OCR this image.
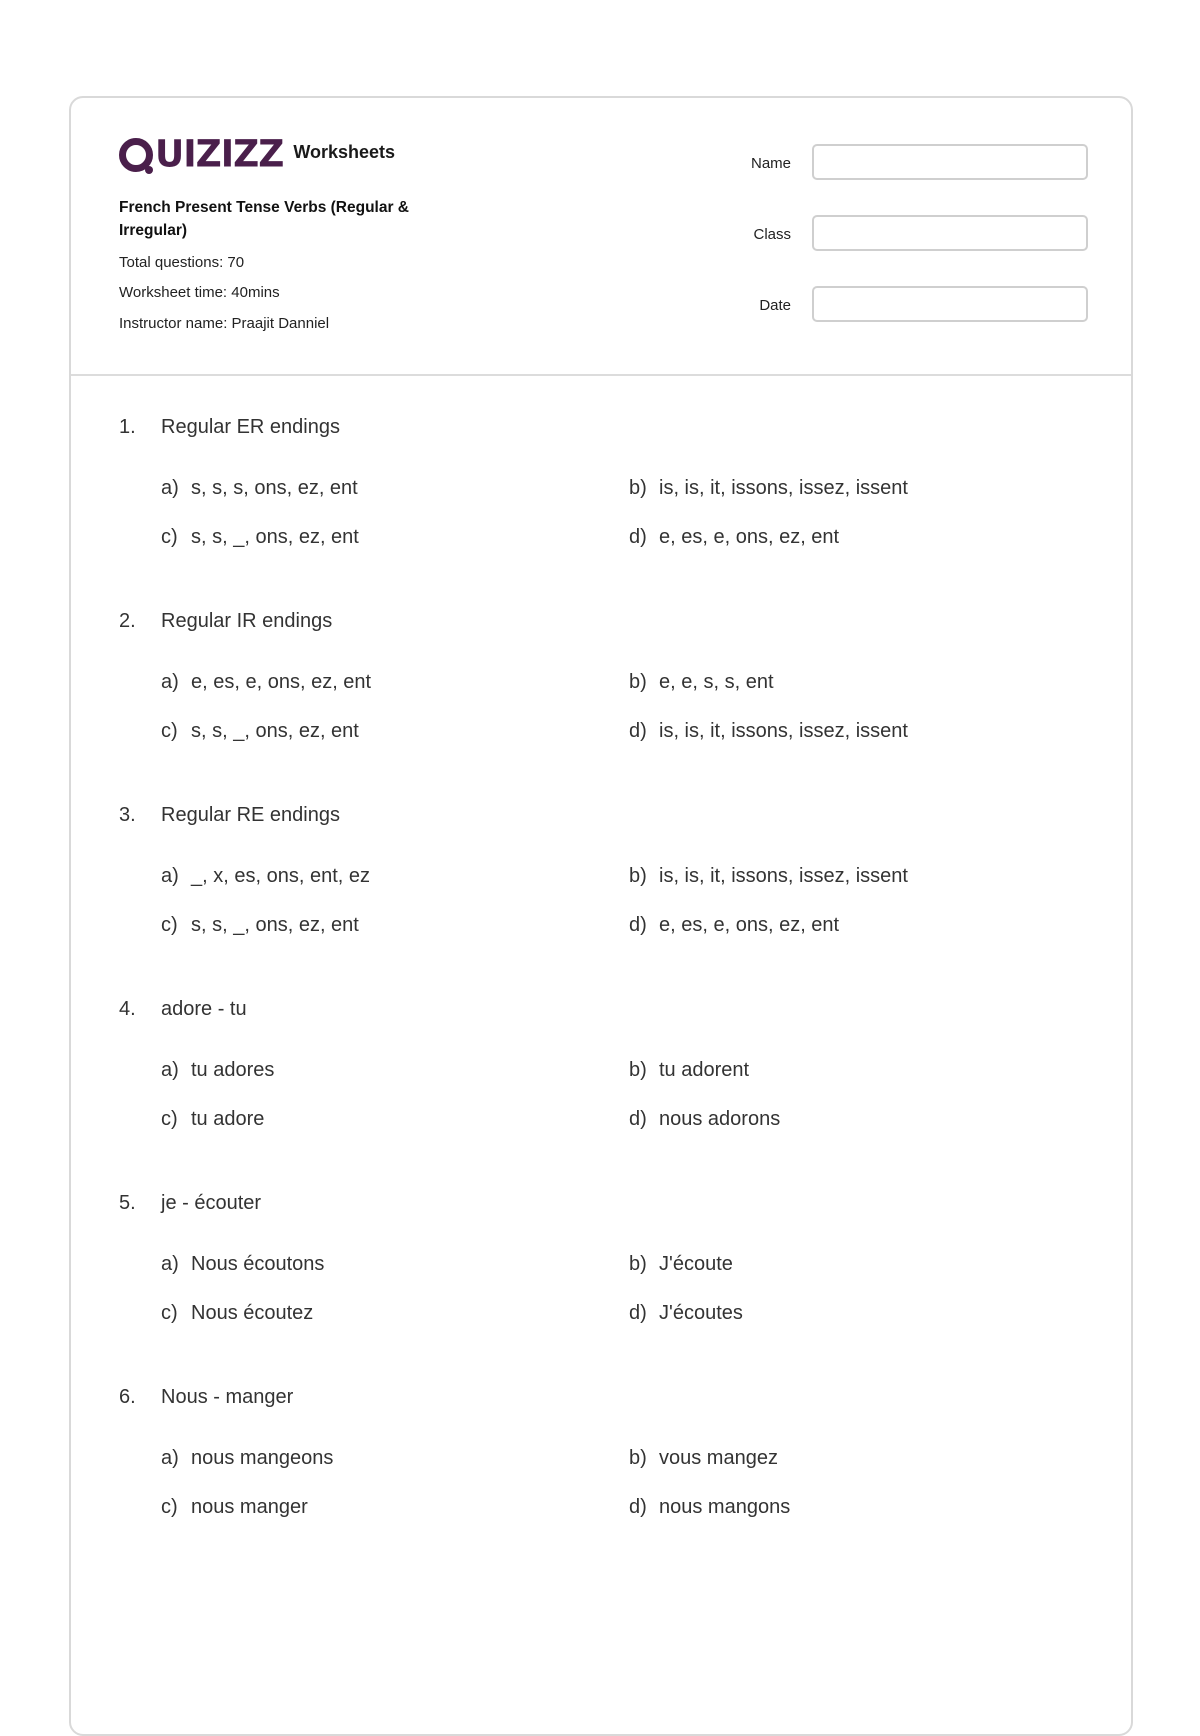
UIZIZZ Worksheets
French Present Tense Verbs (Regular & Irregular)
Total questions: 70
Worksheet time: 40mins
Instructor name: Praajit Danniel
Name
Class
Date
1. Regular ER endings
a) s, s, s, ons, ez, ent	b) is, is, it, issons, issez, issent
c) s, s, _, ons, ez, ent	d) e, es, e, ons, ez, ent
2. Regular IR endings
a) e, es, e, ons, ez, ent	b) e, e, s, s, ent
c) s, s, _, ons, ez, ent	d) is, is, it, issons, issez, issent
3. Regular RE endings
a) _, x, es, ons, ent, ez	b) is, is, it, issons, issez, issent
c) s, s, _, ons, ez, ent	d) e, es, e, ons, ez, ent
4. adore - tu
a) tu adores	b) tu adorent
c) tu adore	d) nous adorons
5. je - écouter
a) Nous écoutons	b) J'écoute
c) Nous écoutez	d) J'écoutes
6. Nous - manger
a) nous mangeons	b) vous mangez
c) nous manger	d) nous mangons
